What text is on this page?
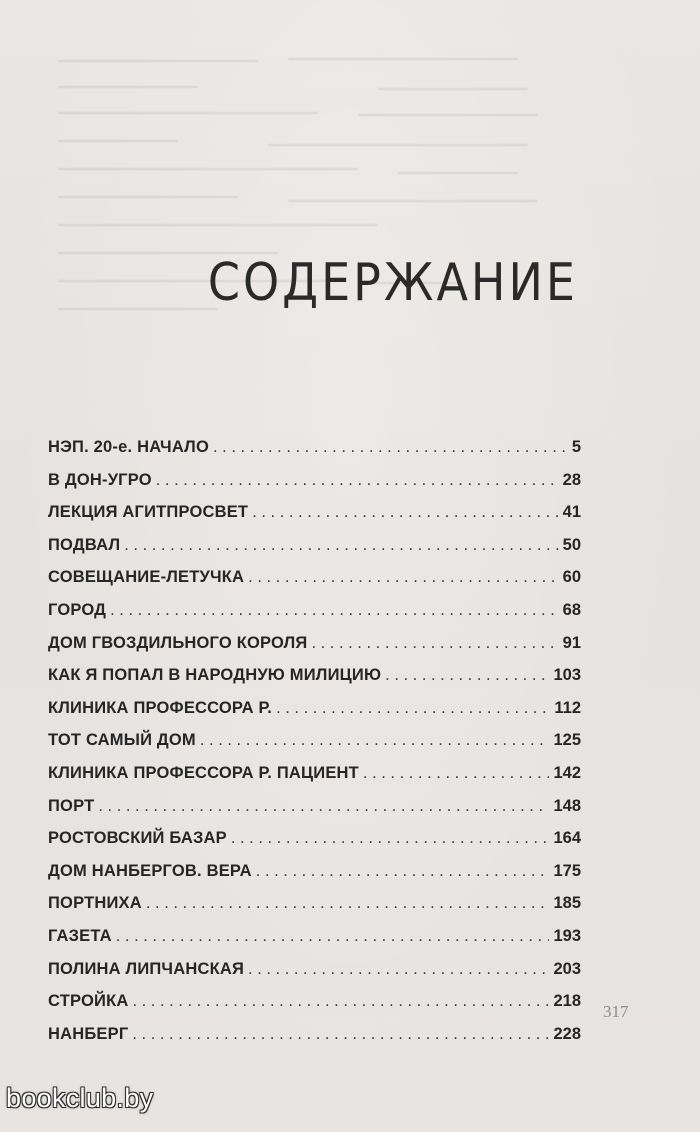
СОДЕРЖАНИЕ
НЭП. 20-е. НАЧАЛО . . .	5
В ДОН-УГРО . . .	28
ЛЕКЦИЯ АГИТПРОСВЕТ . . .	41
ПОДВАЛ . . .	50
СОВЕЩАНИЕ-ЛЕТУЧКА . . .	60
ГОРОД . . .	68
ДОМ ГВОЗДИЛЬНОГО КОРОЛЯ . . .	91
КАК Я ПОПАЛ В НАРОДНУЮ МИЛИЦИЮ . . .	103
КЛИНИКА ПРОФЕССОРА Р. . . .	112
ТОТ САМЫЙ ДОМ . . .	125
КЛИНИКА ПРОФЕССОРА Р. ПАЦИЕНТ . . .	142
ПОРТ . . .	148
РОСТОВСКИЙ БАЗАР . . .	164
ДОМ НАНБЕРГОВ. ВЕРА . . .	175
ПОРТНИХА . . .	185
ГАЗЕТА . . .	193
ПОЛИНА ЛИПЧАНСКАЯ . . .	203
СТРОЙКА . . .	218
НАНБЕРГ . . .	228
317
bookclub.by
